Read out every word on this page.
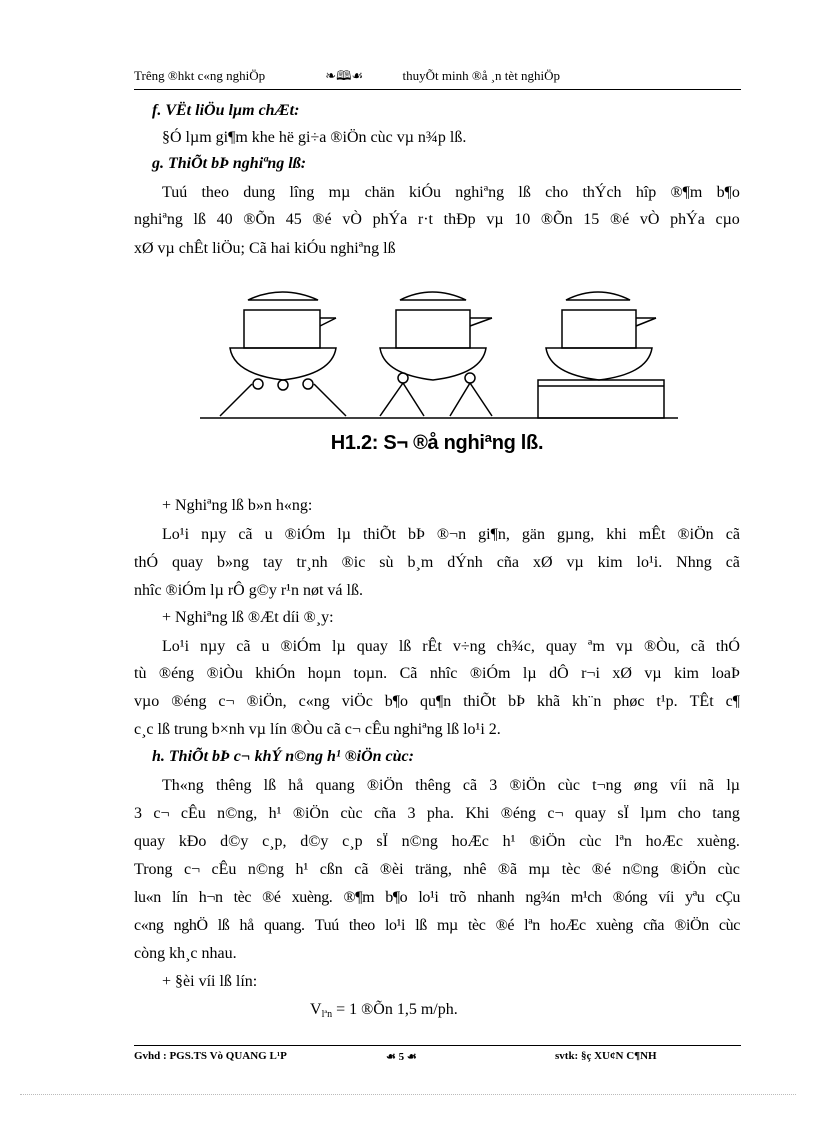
Trêng ®hkt c«ng nghiÖp	❧🕮☙	thuyÕt minh ®å ¸n tèt nghiÖp
f. VËt liÖu lµm chÆt:
§Ó lµm gi¶m khe hë gi÷a ®iÖn cùc vµ n¾p lß.
g. ThiÕt bÞ nghiªng lß:
Tuú theo dung lîng mµ chän kiÓu nghiªng lß cho thÝch hîp ®¶m b¶o
nghiªng lß 40 ®Õn 45 ®é vÒ phÝa r·t thÐp vµ 10 ®Õn 15 ®é vÒ phÝa cµo
xØ vµ chÊt liÖu; Cã hai kiÓu nghiªng lß
H1.2: S¬ ®å nghiªng lß.
+ Nghiªng lß b»n h«ng:
Lo¹i nµy cã u ®iÓm lµ thiÕt bÞ ®¬n gi¶n, gän gµng, khi mÊt ®iÖn cã
thÓ quay b»ng tay tr¸nh ®ic sù b¸m dÝnh cña xØ vµ kim lo¹i. Nhng cã
nhîc ®iÓm lµ rÔ g©y r¹n nøt vá lß.
+ Nghiªng lß ®Æt díi ®¸y:
Lo¹i nµy cã u ®iÓm lµ quay lß rÊt v÷ng ch¾c, quay ªm vµ ®Òu, cã thÓ
tù ®éng ®iÒu khiÓn hoµn toµn. Cã nhîc ®iÓm lµ dÔ r¬i xØ vµ kim loaÞ
vµo ®éng c¬ ®iÖn, c«ng viÖc b¶o qu¶n thiÕt bÞ khã kh¨n phøc t¹p. TÊt c¶
c¸c lß trung b×nh vµ lín ®Òu cã c¬ cÊu nghiªng lß lo¹i 2.
h. ThiÕt bÞ c¬ khÝ n©ng h¹ ®iÖn cùc:
Th«ng thêng lß hå quang ®iÖn thêng cã 3 ®iÖn cùc t¬ng øng víi nã lµ
3 c¬ cÊu n©ng, h¹ ®iÖn cùc cña 3 pha. Khi ®éng c¬ quay sÏ lµm cho tang
quay kÐo d©y c¸p, d©y c¸p sÏ n©ng hoÆc h¹ ®iÖn cùc lªn hoÆc xuèng.
Trong c¬ cÊu n©ng h¹ cßn cã ®èi träng, nhê ®ã mµ tèc ®é n©ng ®iÖn cùc
lu«n lín h¬n tèc ®é xuèng. ®¶m b¶o lo¹i trõ nhanh ng¾n m¹ch ®óng víi yªu cÇu
c«ng nghÖ lß hå quang. Tuú theo lo¹i lß mµ tèc ®é lªn hoÆc xuèng cña ®iÖn cùc
còng kh¸c nhau.
+ §èi víi lß lín:
$V_{lªn} = 1$ ®Õn 1,5 m/ph.
Gvhd : PGS.TS Vò QUANG L¹P	☙ 5 ☙	svtk: §ç XU¢N C¶NH
